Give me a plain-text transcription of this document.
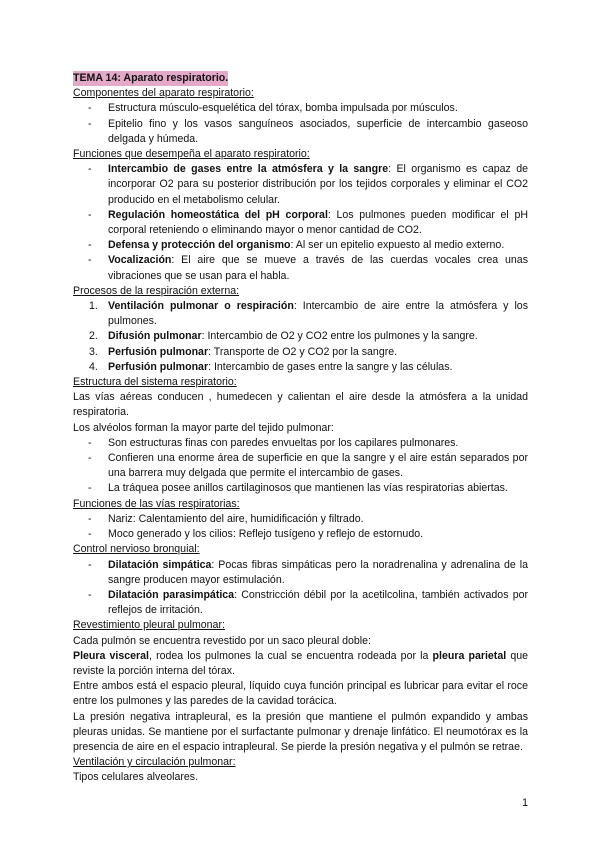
TEMA 14: Aparato respiratorio.
Componentes del aparato respiratorio:
- Estructura músculo-esquelética del tórax, bomba impulsada por músculos.
- Epitelio fino y los vasos sanguíneos asociados, superficie de intercambio gaseoso delgada y húmeda.
Funciones que desempeña el aparato respiratorio:
- Intercambio de gases entre la atmósfera y la sangre: El organismo es capaz de incorporar O2 para su posterior distribución por los tejidos corporales y eliminar el CO2 producido en el metabolismo celular.
- Regulación homeostática del pH corporal: Los pulmones pueden modificar el pH corporal reteniendo o eliminando mayor o menor cantidad de CO2.
- Defensa y protección del organismo: Al ser un epitelio expuesto al medio externo.
- Vocalización: El aire que se mueve a través de las cuerdas vocales crea unas vibraciones que se usan para el habla.
Procesos de la respiración externa:
1. Ventilación pulmonar o respiración: Intercambio de aire entre la atmósfera y los pulmones.
2. Difusión pulmonar: Intercambio de O2 y CO2 entre los pulmones y la sangre.
3. Perfusión pulmonar: Transporte de O2 y CO2 por la sangre.
4. Perfusión pulmonar: Intercambio de gases entre la sangre y las células.
Estructura del sistema respiratorio:
Las vías aéreas conducen , humedecen y calientan el aire desde la atmósfera a la unidad respiratoria.
Los alvéolos forman la mayor parte del tejido pulmonar:
- Son estructuras finas con paredes envueltas por los capilares pulmonares.
- Confieren una enorme área de superficie en que la sangre y el aire están separados por una barrera muy delgada que permite el intercambio de gases.
- La tráquea posee anillos cartilaginosos que mantienen las vías respiratorias abiertas.
Funciones de las vías respiratorias:
- Nariz: Calentamiento del aire, humidificación y filtrado.
- Moco generado y los cilios: Reflejo tusígeno y reflejo de estornudo.
Control nervioso bronquial:
- Dilatación simpática: Pocas fibras simpáticas pero la noradrenalina y adrenalina de la sangre producen mayor estimulación.
- Dilatación parasimpática: Constricción débil por la acetilcolina, también activados por reflejos de irritación.
Revestimiento pleural pulmonar:
Cada pulmón se encuentra revestido por un saco pleural doble:
Pleura visceral, rodea los pulmones la cual se encuentra rodeada por la pleura parietal que reviste la porción interna del tórax.
Entre ambos está el espacio pleural, líquido cuya función principal es lubricar para evitar el roce entre los pulmones y las paredes de la cavidad torácica.
La presión negativa intrapleural, es la presión que mantiene el pulmón expandido y ambas pleuras unidas. Se mantiene por el surfactante pulmonar y drenaje linfático. El neumotórax es la presencia de aire en el espacio intrapleural. Se pierde la presión negativa y el pulmón se retrae.
Ventilación y circulación pulmonar:
Tipos celulares alveolares.
1
